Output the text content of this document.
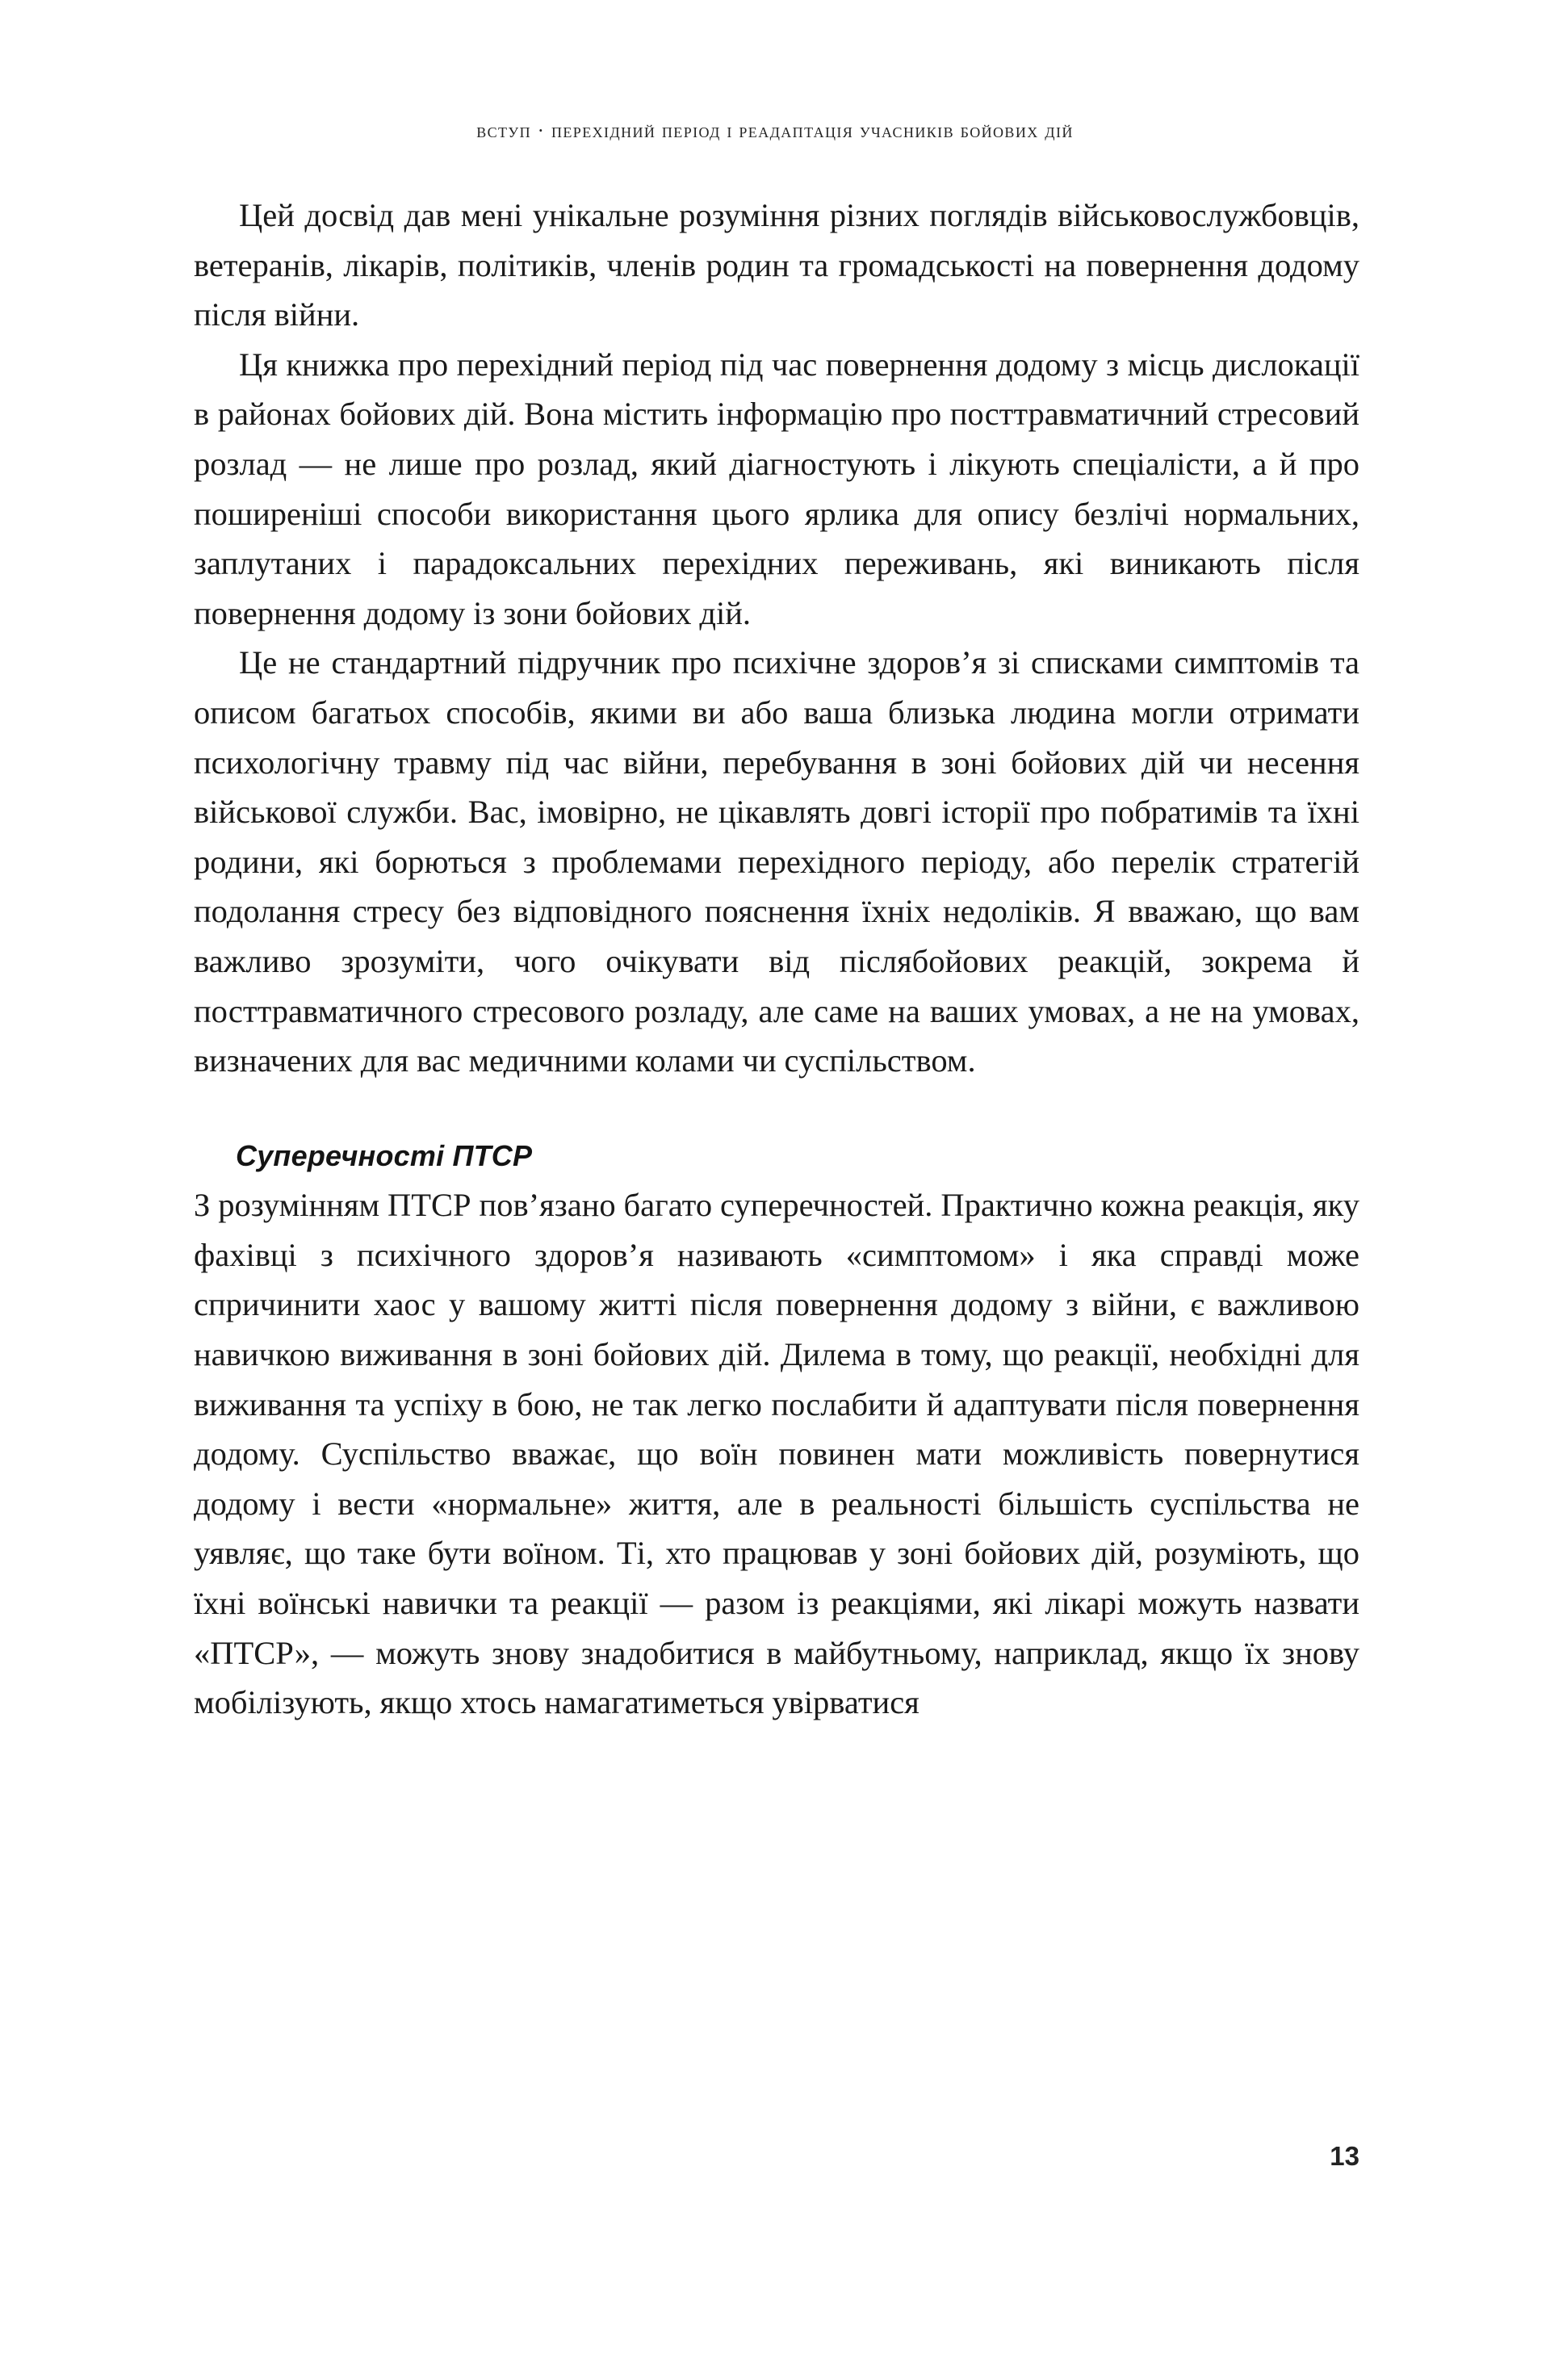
вступ · перехідний період і реадаптація учасників бойових дій

Цей досвід дав мені унікальне розуміння різних поглядів військовослужбовців, ветеранів, лікарів, політиків, членів родин та громадськості на повернення додому після війни.

Ця книжка про перехідний період під час повернення додому з місць дислокації в районах бойових дій. Вона містить інформацію про посттравматичний стресовий розлад — не лише про розлад, який діагностують і лікують спеціалісти, а й про поширеніші способи використання цього ярлика для опису безлічі нормальних, заплутаних і парадоксальних перехідних переживань, які виникають після повернення додому із зони бойових дій.

Це не стандартний підручник про психічне здоров’я зі списками симптомів та описом багатьох способів, якими ви або ваша близька людина могли отримати психологічну травму під час війни, перебування в зоні бойових дій чи несення військової служби. Вас, імовірно, не цікавлять довгі історії про побратимів та їхні родини, які борються з проблемами перехідного періоду, або перелік стратегій подолання стресу без відповідного пояснення їхніх недоліків. Я вважаю, що вам важливо зрозуміти, чого очікувати від післябойових реакцій, зокрема й посттравматичного стресового розладу, але саме на ваших умовах, а не на умовах, визначених для вас медичними колами чи суспільством.

Суперечності ПТСР

З розумінням ПТСР пов’язано багато суперечностей. Практично кожна реакція, яку фахівці з психічного здоров’я називають «симптомом» і яка справді може спричинити хаос у вашому житті після повернення додому з війни, є важливою навичкою виживання в зоні бойових дій. Дилема в тому, що реакції, необхідні для виживання та успіху в бою, не так легко послабити й адаптувати після повернення додому. Суспільство вважає, що воїн повинен мати можливість повернутися додому і вести «нормальне» життя, але в реальності більшість суспільства не уявляє, що таке бути воїном. Ті, хто працював у зоні бойових дій, розуміють, що їхні воїнські навички та реакції — разом із реакціями, які лікарі можуть назвати «ПТСР», — можуть знову знадобитися в майбутньому, наприклад, якщо їх знову мобілізують, якщо хтось намагатиметься увірватися

13
